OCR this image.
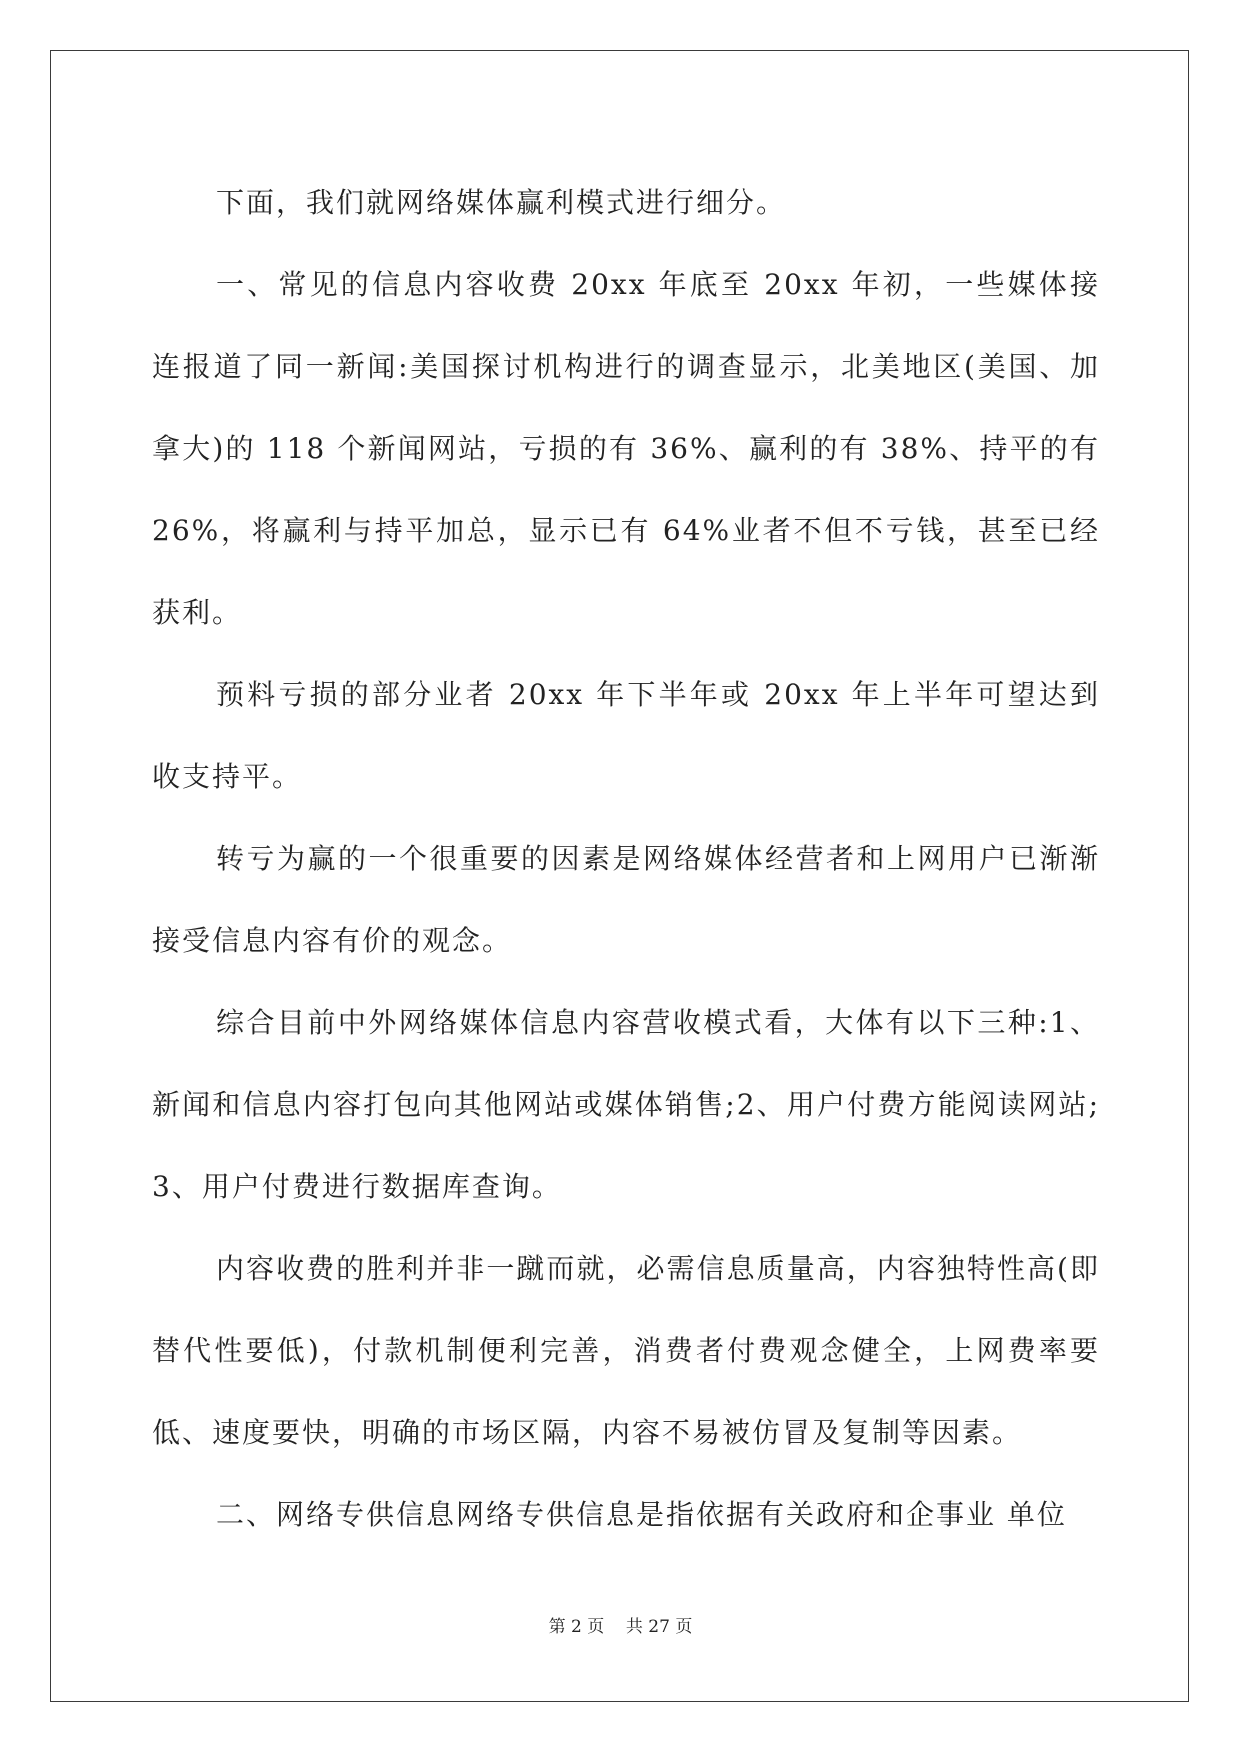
下面，我们就网络媒体赢利模式进行细分。

一、常见的信息内容收费 20xx 年底至 20xx 年初，一些媒体接连报道了同一新闻:美国探讨机构进行的调查显示，北美地区(美国、加拿大)的 118 个新闻网站，亏损的有 36%、赢利的有 38%、持平的有 26%，将赢利与持平加总，显示已有 64%业者不但不亏钱，甚至已经获利。

预料亏损的部分业者 20xx 年下半年或 20xx 年上半年可望达到收支持平。

转亏为赢的一个很重要的因素是网络媒体经营者和上网用户已渐渐接受信息内容有价的观念。

综合目前中外网络媒体信息内容营收模式看，大体有以下三种:1、新闻和信息内容打包向其他网站或媒体销售;2、用户付费方能阅读网站;3、用户付费进行数据库查询。

内容收费的胜利并非一蹴而就，必需信息质量高，内容独特性高(即替代性要低)，付款机制便利完善，消费者付费观念健全，上网费率要低、速度要快，明确的市场区隔，内容不易被仿冒及复制等因素。

二、网络专供信息网络专供信息是指依据有关政府和企事业 单位

第 2 页 共 27 页
